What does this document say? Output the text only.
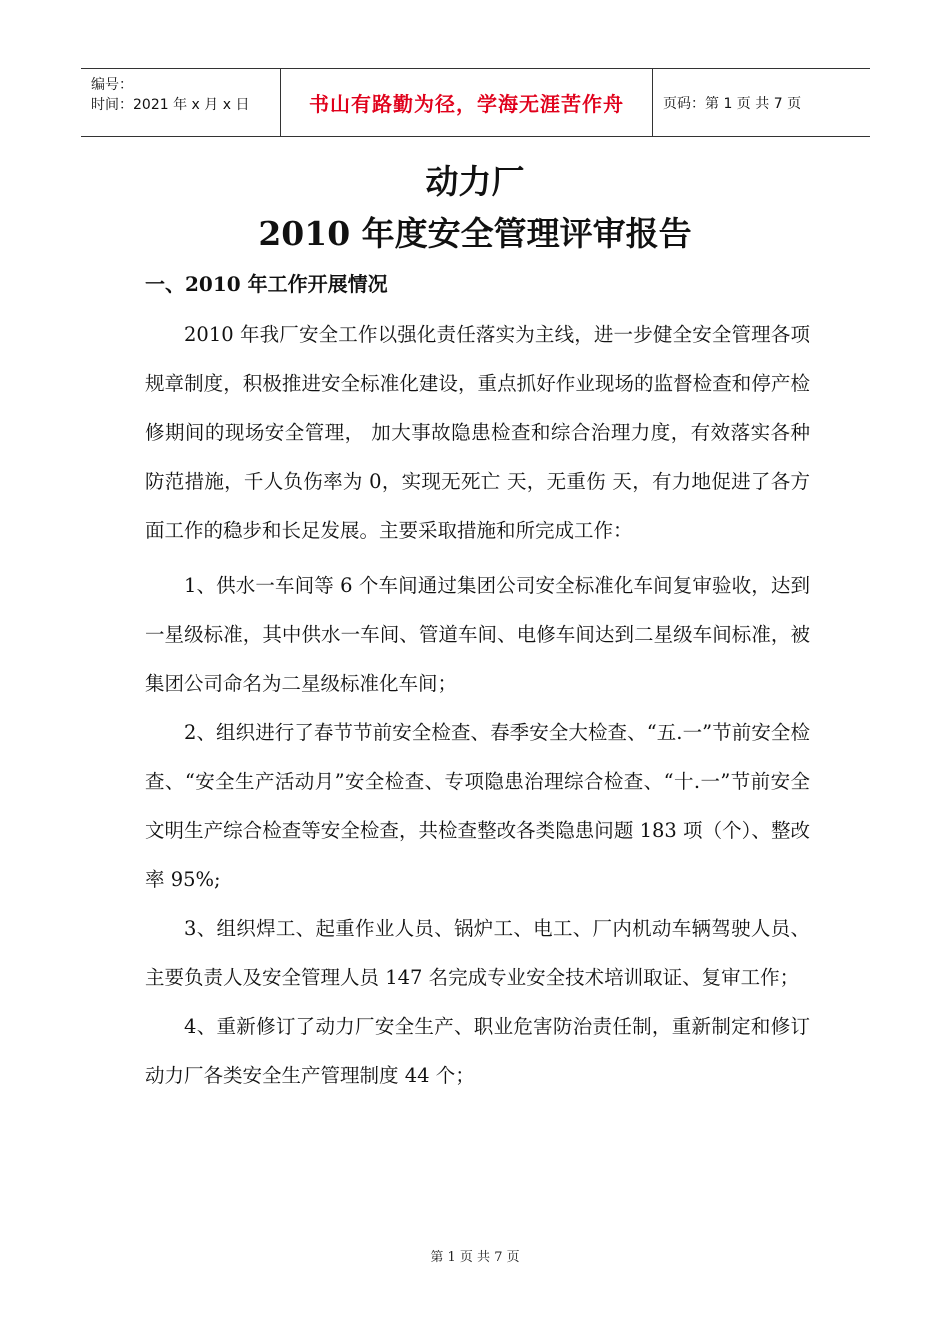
编号：
时间：2021 年 x 月 x 日	书山有路勤为径，学海无涯苦作舟	页码：第 1 页 共 7 页
动力厂
2010 年度安全管理评审报告
一、2010 年工作开展情况

2010 年我厂安全工作以强化责任落实为主线，进一步健全安全管理各项规章制度，积极推进安全标准化建设，重点抓好作业现场的监督检查和停产检修期间的现场安全管理， 加大事故隐患检查和综合治理力度，有效落实各种防范措施，千人负伤率为 0，实现无死亡 天，无重伤 天，有力地促进了各方面工作的稳步和长足发展。主要采取措施和所完成工作：

1、供水一车间等 6 个车间通过集团公司安全标准化车间复审验收，达到一星级标准，其中供水一车间、管道车间、电修车间达到二星级车间标准，被集团公司命名为二星级标准化车间；

2、组织进行了春节节前安全检查、春季安全大检查、“五.一”节前安全检查、“安全生产活动月”安全检查、专项隐患治理综合检查、“十.一”节前安全文明生产综合检查等安全检查，共检查整改各类隐患问题 183 项（个）、整改率 95%;

3、组织焊工、起重作业人员、锅炉工、电工、厂内机动车辆驾驶人员、主要负责人及安全管理人员 147 名完成专业安全技术培训取证、复审工作；

4、重新修订了动力厂安全生产、职业危害防治责任制，重新制定和修订动力厂各类安全生产管理制度 44 个；

第 1 页 共 7 页
